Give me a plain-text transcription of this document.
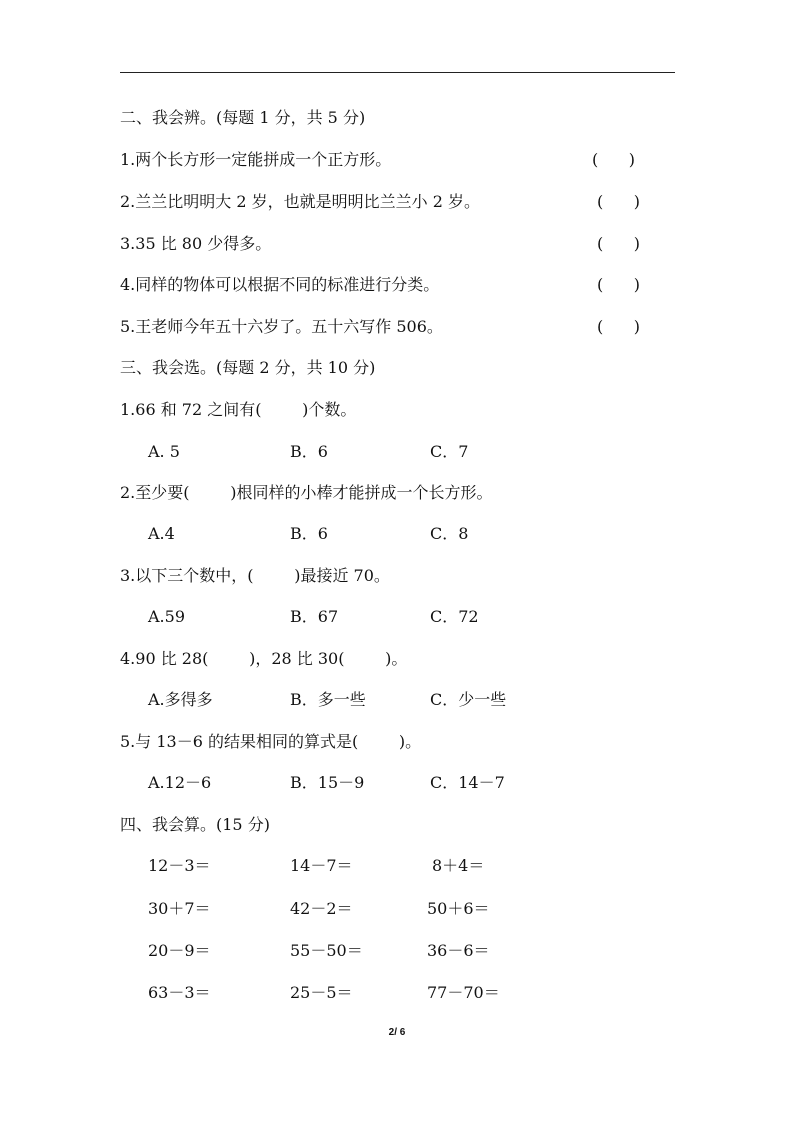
二、我会辨。(每题 1 分，共 5 分)
1.两个长方形一定能拼成一个正方形。	(      )
2.兰兰比明明大 2 岁，也就是明明比兰兰小 2 岁。	(      )
3.35 比 80 少得多。	(      )
4.同样的物体可以根据不同的标准进行分类。	(      )
5.王老师今年五十六岁了。五十六写作 506。	(      )
三、我会选。(每题 2 分，共 10 分)
1.66 和 72 之间有(        )个数。
A. 5	B．6	C．7
2.至少要(        )根同样的小棒才能拼成一个长方形。
A.4	B．6	C．8
3.以下三个数中，(        )最接近 70。
A.59	B．67	C．72
4.90 比 28(        )，28 比 30(        )。
A.多得多	B．多一些	C．少一些
5.与 13－6 的结果相同的算式是(        )。
A.12－6	B．15－9	C．14－7
四、我会算。(15 分)
12－3＝	14－7＝	8＋4＝
30＋7＝	42－2＝	50＋6＝
20－9＝	55－50＝	36－6＝
63－3＝	25－5＝	77－70＝
2/ 6
